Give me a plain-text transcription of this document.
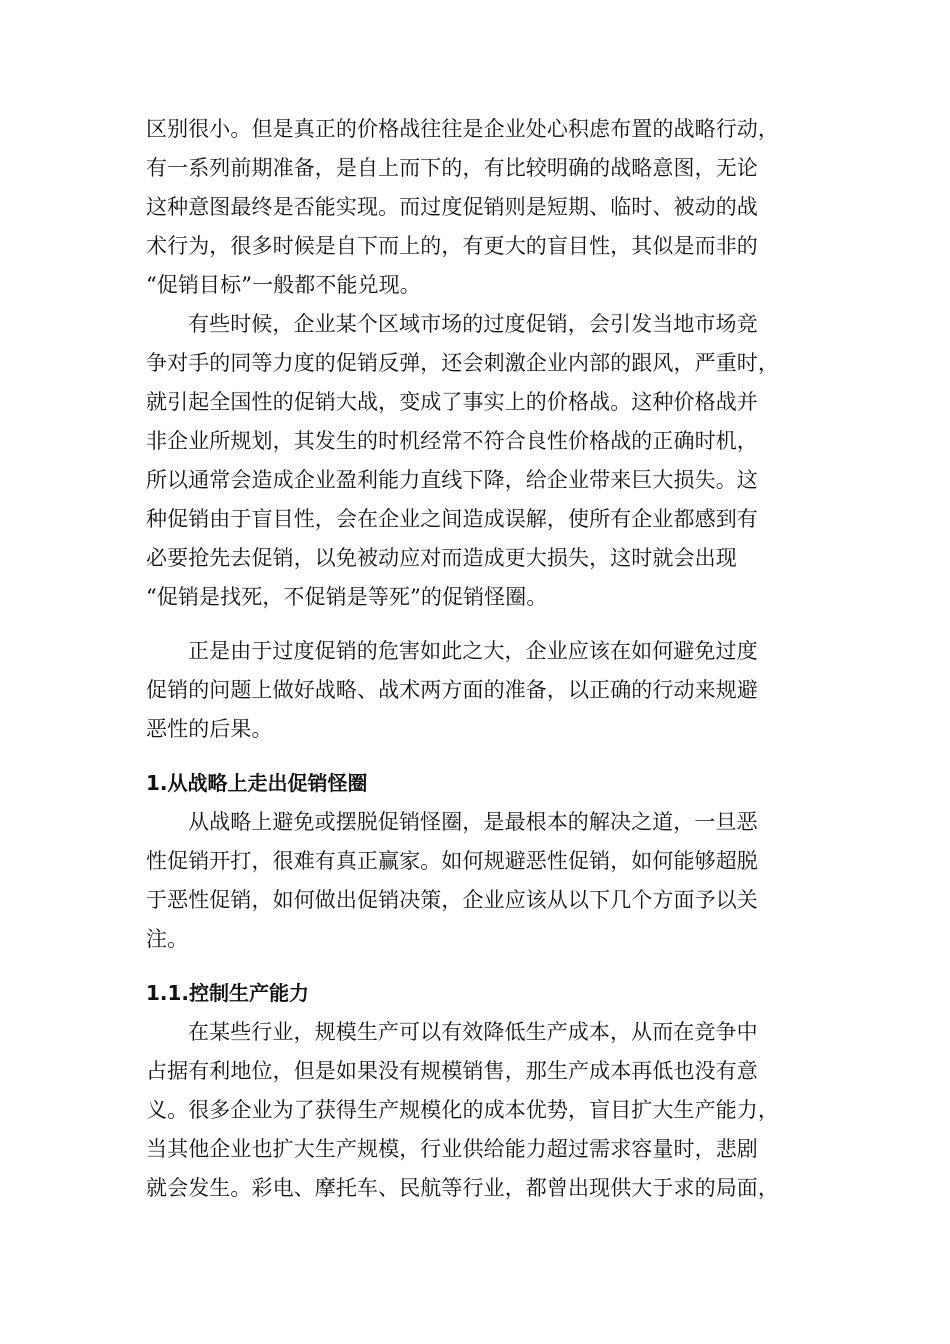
区别很小。但是真正的价格战往往是企业处心积虑布置的战略行动，
有一系列前期准备，是自上而下的，有比较明确的战略意图，无论
这种意图最终是否能实现。而过度促销则是短期、临时、被动的战
术行为，很多时候是自下而上的，有更大的盲目性，其似是而非的
“促销目标”一般都不能兑现。
有些时候，企业某个区域市场的过度促销，会引发当地市场竞
争对手的同等力度的促销反弹，还会刺激企业内部的跟风，严重时，
就引起全国性的促销大战，变成了事实上的价格战。这种价格战并
非企业所规划，其发生的时机经常不符合良性价格战的正确时机，
所以通常会造成企业盈利能力直线下降，给企业带来巨大损失。这
种促销由于盲目性，会在企业之间造成误解，使所有企业都感到有
必要抢先去促销，以免被动应对而造成更大损失，这时就会出现
“促销是找死，不促销是等死”的促销怪圈。
正是由于过度促销的危害如此之大，企业应该在如何避免过度
促销的问题上做好战略、战术两方面的准备，以正确的行动来规避
恶性的后果。
1.从战略上走出促销怪圈
从战略上避免或摆脱促销怪圈，是最根本的解决之道，一旦恶
性促销开打，很难有真正赢家。如何规避恶性促销，如何能够超脱
于恶性促销，如何做出促销决策，企业应该从以下几个方面予以关
注。
1.1.控制生产能力
在某些行业，规模生产可以有效降低生产成本，从而在竞争中
占据有利地位，但是如果没有规模销售，那生产成本再低也没有意
义。很多企业为了获得生产规模化的成本优势，盲目扩大生产能力，
当其他企业也扩大生产规模，行业供给能力超过需求容量时，悲剧
就会发生。彩电、摩托车、民航等行业，都曾出现供大于求的局面，
